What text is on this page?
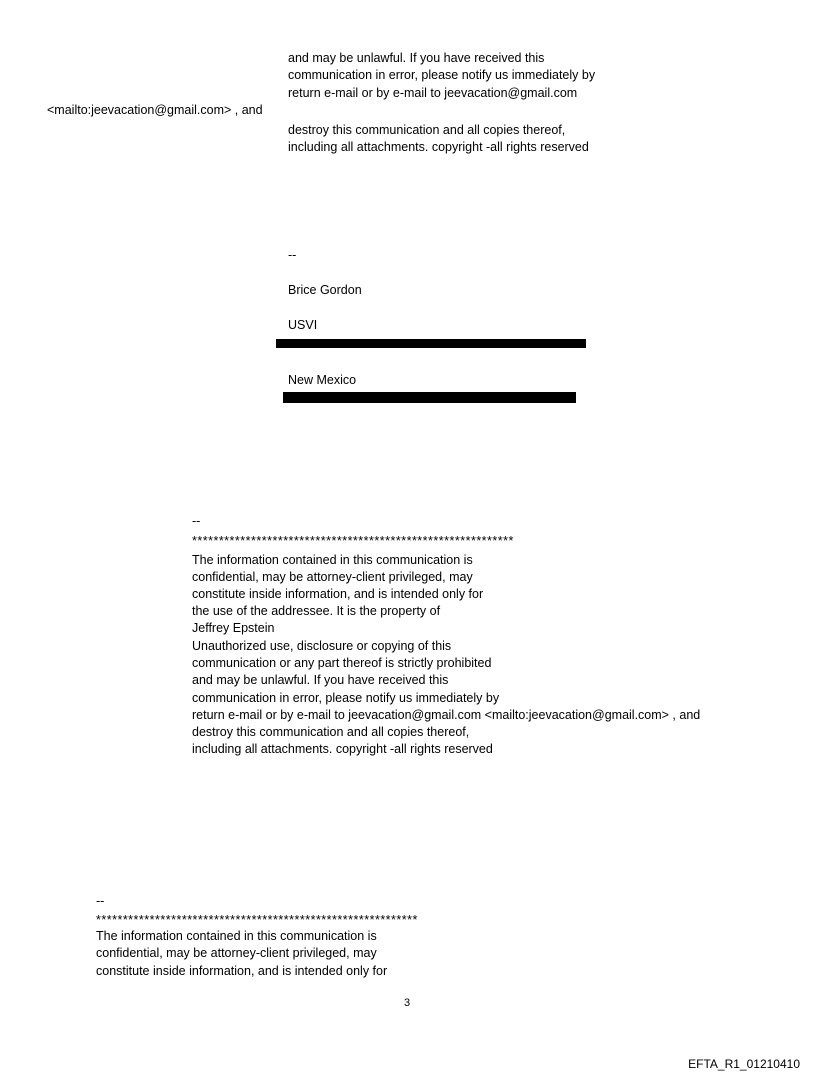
and may be unlawful. If you have received this
communication in error, please notify us immediately by
return e-mail or by e-mail to jeevacation@gmail.com
<mailto:jeevacation@gmail.com> , and
destroy this communication and all copies thereof,
including all attachments. copyright -all rights reserved
--
Brice Gordon
USVI
New Mexico
--
************************************************************
The information contained in this communication is
confidential, may be attorney-client privileged, may
constitute inside information, and is intended only for
the use of the addressee. It is the property of
Jeffrey Epstein
Unauthorized use, disclosure or copying of this
communication or any part thereof is strictly prohibited
and may be unlawful. If you have received this
communication in error, please notify us immediately by
return e-mail or by e-mail to jeevacation@gmail.com <mailto:jeevacation@gmail.com> , and
destroy this communication and all copies thereof,
including all attachments. copyright -all rights reserved
--
************************************************************
The information contained in this communication is
confidential, may be attorney-client privileged, may
constitute inside information, and is intended only for
3
EFTA_R1_01210410
